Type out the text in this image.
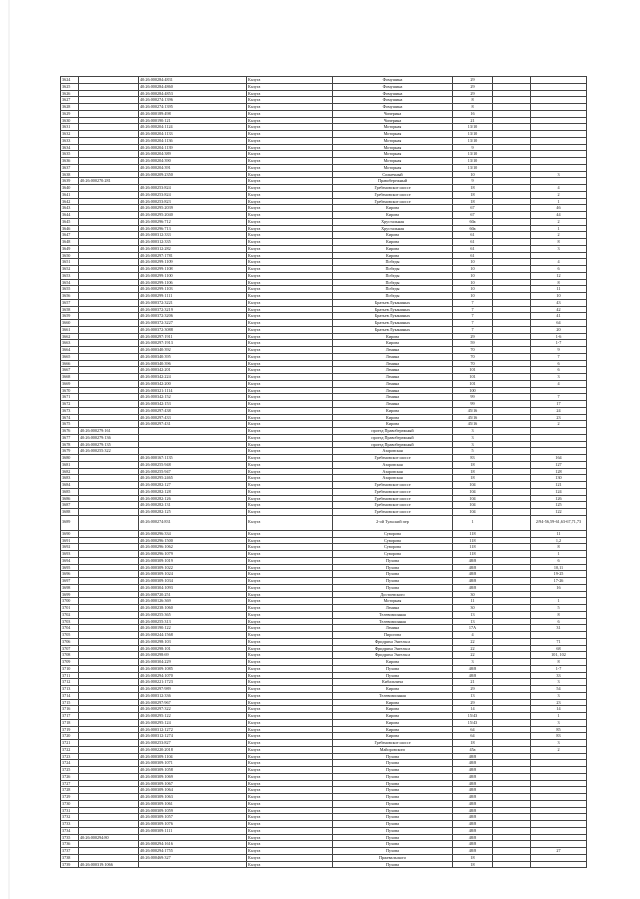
3624		40:26:000284:4831	Калуга	Фомушина	29		
3625		40:26:000284:4860	Калуга	Фомушина	29		
3626		40:26:000284:4853	Калуга	Фомушина	29		
3627		40:26:000274:1396	Калуга	Фомушина	8		
3628		40:26:000274:1395	Калуга	Фомушина	8		
3629		40:26:000189:498	Калуга	Чичерина	16		
3630		40:26:000190:121	Калуга	Чичерина	21		
3631		40:26:000204:1124	Калуга	Моторная	13/10		
3632		40:26:000204:1133	Калуга	Моторная	13/10		
3633		40:26:000204:1136	Калуга	Моторная	13/10		
3634		40:26:000204:1139	Калуга	Моторная	9		
3635		40:26:000204:389	Калуга	Моторная	13/10		
3636		40:26:000204:390	Калуга	Моторная	13/10		
3637		40:26:000204:391	Калуга	Моторная	13/10		
3638		40:26:000209:2350	Калуга	Солнечный	10		3
3639	40:26:000270:281		Калуга	Правобережный	9		
3640		40:26:000253:824	Калуга	Гребеновское шоссе	18		4
3641		40:26:000253:824	Калуга	Гребеновское шоссе	18		2
3642		40:26:000253:823	Калуга	Гребеновское шоссе	18		1
3643		40:26:000295:2039	Калуга	Кирова	67		46
3644		40:26:000295:2040	Калуга	Кирова	67		44
3645		40:26:000296:712	Калуга	Хрустальная	60а		2
3646		40:26:000296:713	Калуга	Хрустальная	60а		1
3647		40:26:000312:333	Калуга	Кирова	61		2
3648		40:26:000312:335	Калуга	Кирова	61		8
3649		40:26:000312:282	Калуга	Кирова	61		3
3650		40:26:000297:1781	Калуга	Кирова	61		
3651		40:26:000299:1109	Калуга	Победы	10		4
3652		40:26:000299:1108	Калуга	Победы	10		6
3653		40:26:000299:1100	Калуга	Победы	10		12
3654		40:26:000299:1106	Калуга	Победы	10		8
3655		40:26:000299:1103	Калуга	Победы	10		11
3656		40:26:000299:1111	Калуга	Победы	10		10
3657		40:26:000372:3221	Калуга	Братьев Луканиных	7		43
3658		40:26:000372:3219	Калуга	Братьев Луканиных	7		42
3659		40:26:000372:3206	Калуга	Братьев Луканиных	7		41
3660		40:26:000372:3227	Калуга	Братьев Луканиных	7		64
3661		40:26:000372:3088	Калуга	Братьев Луканиных	7		20
3662		40:26:000297:1911	Калуга	Кирова	29		1-6
3663		40:26:000297:1913	Калуга	Кирова	59		1-7
3664		40:26:000340:392	Калуга	Ленина	70		9
3665		40:26:000340:395	Калуга	Ленина	70		7
3666		40:26:000340:396	Калуга	Ленина	70		6
3667		40:26:000342:201	Калуга	Ленина	101		6
3668		40:26:000342:224	Калуга	Ленина	101		3
3669		40:26:000342:200	Калуга	Ленина	101		4
3670		40:26:000321:1114	Калуга	Ленина	100		
3671		40:26:000342:152	Калуга	Ленина	99		7
3672		40:26:000342:153	Калуга	Ленина	99		17
3673		40:26:000297:438	Калуга	Кирова	45/16		24
3674		40:26:000297:433	Калуга	Кирова	45/16		23
3675		40:26:000297:431	Калуга	Кирова	45/16		2
3676	40:26:000279:161		Калуга	проезд Правобережный	3		
3677	40:26:000279:136		Калуга	проезд Правобережный	3		
3678	40:26:000279:135		Калуга	проезд Правобережный	3		
3679	40:26:000255:322		Калуга	Азаровская	5		
3680		40:26:000167:1135	Калуга	Гребеновское шоссе	83		164
3681		40:26:000255:948	Калуга	Азаровская	18		127
3682		40:26:000255:947	Калуга	Азаровская	18		128
3683		40:26:000295:2465	Калуга	Азаровская	18		130
3684		40:26:000282:127	Калуга	Гребеновское шоссе	104		121
3685		40:26:000282:128	Калуга	Гребеновское шоссе	104		124
3686		40:26:000282:126	Калуга	Гребеновское шоссе	104		126
3687		40:26:000282:131	Калуга	Гребеновское шоссе	104		125
3688		40:26:000282:125	Калуга	Гребеновское шоссе	104		122
3689		40:26:000274:831	Калуга	2-ой Тульский пер	1		2/94-56,59-61,63-67,71,73
3690		40:26:000296:334	Калуга	Суворова	118		11
3691		40:26:000296:1500	Калуга	Суворова	118		1,2
3692		40:26:000296:1062	Калуга	Суворова	118		8
3693		40:26:000296:1079	Калуга	Суворова	118		1
3694		40:26:000309:1019	Калуга	Пухова	48/8		6
3695		40:26:000309:1022	Калуга	Пухова	48/8		10,11
3696		40:26:000309:1024	Калуга	Пухова	48/8		19-25
3697		40:26:000309:1034	Калуга	Пухова	48/8		17-26
3698		40:26:000304:1093	Калуга	Пухова	48/8		16
3699		40:26:000720:251	Калуга	Достоевского	30		
3700		40:26:000126:369	Калуга	Моторная	11		1
3701		40:26:000238:1060	Калуга	Ленина	30		5
3702		40:26:000255:365	Калуга	Телевизионная	13		8
3703		40:26:000255:313	Калуга	Телевизионная	13		6
3704		40:26:000190:122	Калуга	Ленина	17А		31
3705		40:26:000244:1568	Калуга	Пирогова	4		
3706		40:26:000298:103	Калуга	Фридриха Энгельса	22		71
3707		40:26:000298:101	Калуга	Фридриха Энгельса	22		68
3708		40:26:000298:69	Калуга	Фридриха Энгельса	22		101, 102
3709		40:26:000304:229	Калуга	Кирова	3		8
3710		40:26:000309:1085	Калуга	Пухова	48/8		1-7
3711		40:26:000294:1070	Калуга	Пухова	48/8		33
3712		40:26:000221:1723	Калуга	Кибальчича	21		3
3713		40:26:000297:989	Калуга	Кирова	29		54
3714		40:26:000312:336	Калуга	Телевизионная	13		3
3715		40:26:000297:967	Калуга	Кирова	29		23
3716		40:26:000297:322	Калуга	Кирова	14		14
3717		40:26:000295:122	Калуга	Кирова	15/43		1
3718		40:26:000295:124	Калуга	Кирова	15/43		3
3719		40:26:000312:1272	Калуга	Кирова	64		85
3720		40:26:000312:1274	Калуга	Кирова	64		83
3721		40:26:000253:827	Калуга	Гребеновское шоссе	18		3
3722		40:26:000220:2018	Калуга	Майоровского	45а		2
3723		40:26:000309:1104	Калуга	Пухова	48/8		
3724		40:26:000309:1071	Калуга	Пухова	48/8		
3725		40:26:000309:1058	Калуга	Пухова	48/8		
3726		40:26:000309:1069	Калуга	Пухова	48/8		
3727		40:26:000309:1067	Калуга	Пухова	48/8		
3728		40:26:000309:1064	Калуга	Пухова	48/8		
3729		40:26:000309:1063	Калуга	Пухова	48/8		
3730		40:26:000309:1061	Калуга	Пухова	48/8		
3731		40:26:000309:1059	Калуга	Пухова	48/8		
3732		40:26:000309:1057	Калуга	Пухова	48/8		
3733		40:26:000309:1076	Калуга	Пухова	48/8		
3734		40:26:000309:1111	Калуга	Пухова	48/8		
3735	40:26:000294:80		Калуга	Пухова	48/8		
3736		40:26:000294:1616	Калуга	Пухова	48/8		
3737		40:26:000294:1755	Калуга	Пухова	48/8		27
3738		40:26:000469:327	Калуга	Пржевальского	18		
3739	40:26:000319:1066		Калуга	Пухова	18		
